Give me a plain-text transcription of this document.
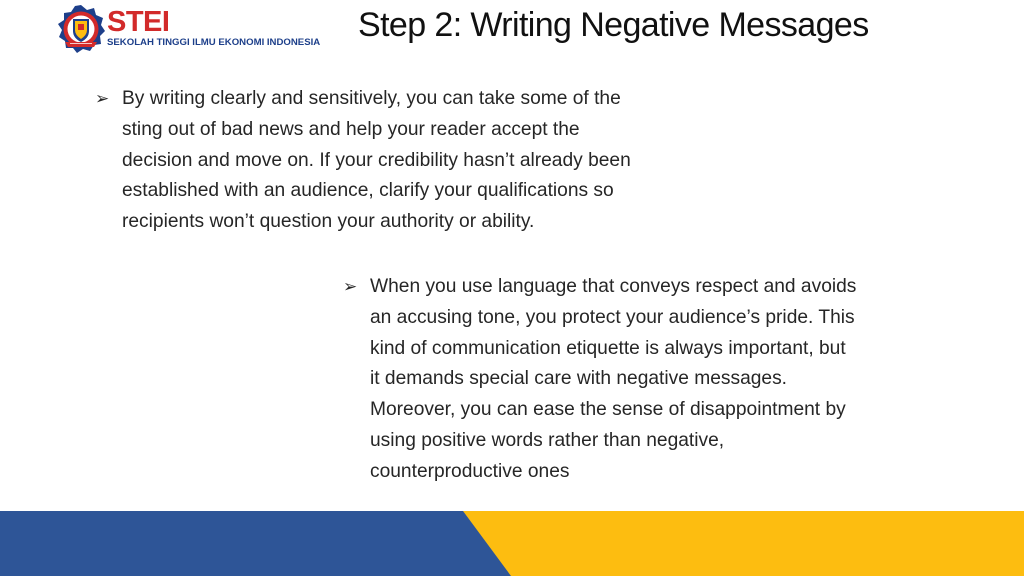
STEI
SEKOLAH TINGGI ILMU EKONOMI INDONESIA Step 2: Writing Negative Messages
➢ By writing clearly and sensitively, you can take some of the
sting out of bad news and help your reader accept the
decision and move on. If your credibility hasn’t already been
established with an audience, clarify your qualifications so
recipients won’t question your authority or ability.
➢ When you use language that conveys respect and avoids
an accusing tone, you protect your audience’s pride. This
kind of communication etiquette is always important, but
it demands special care with negative messages.
Moreover, you can ease the sense of disappointment by
using positive words rather than negative,
counterproductive ones
